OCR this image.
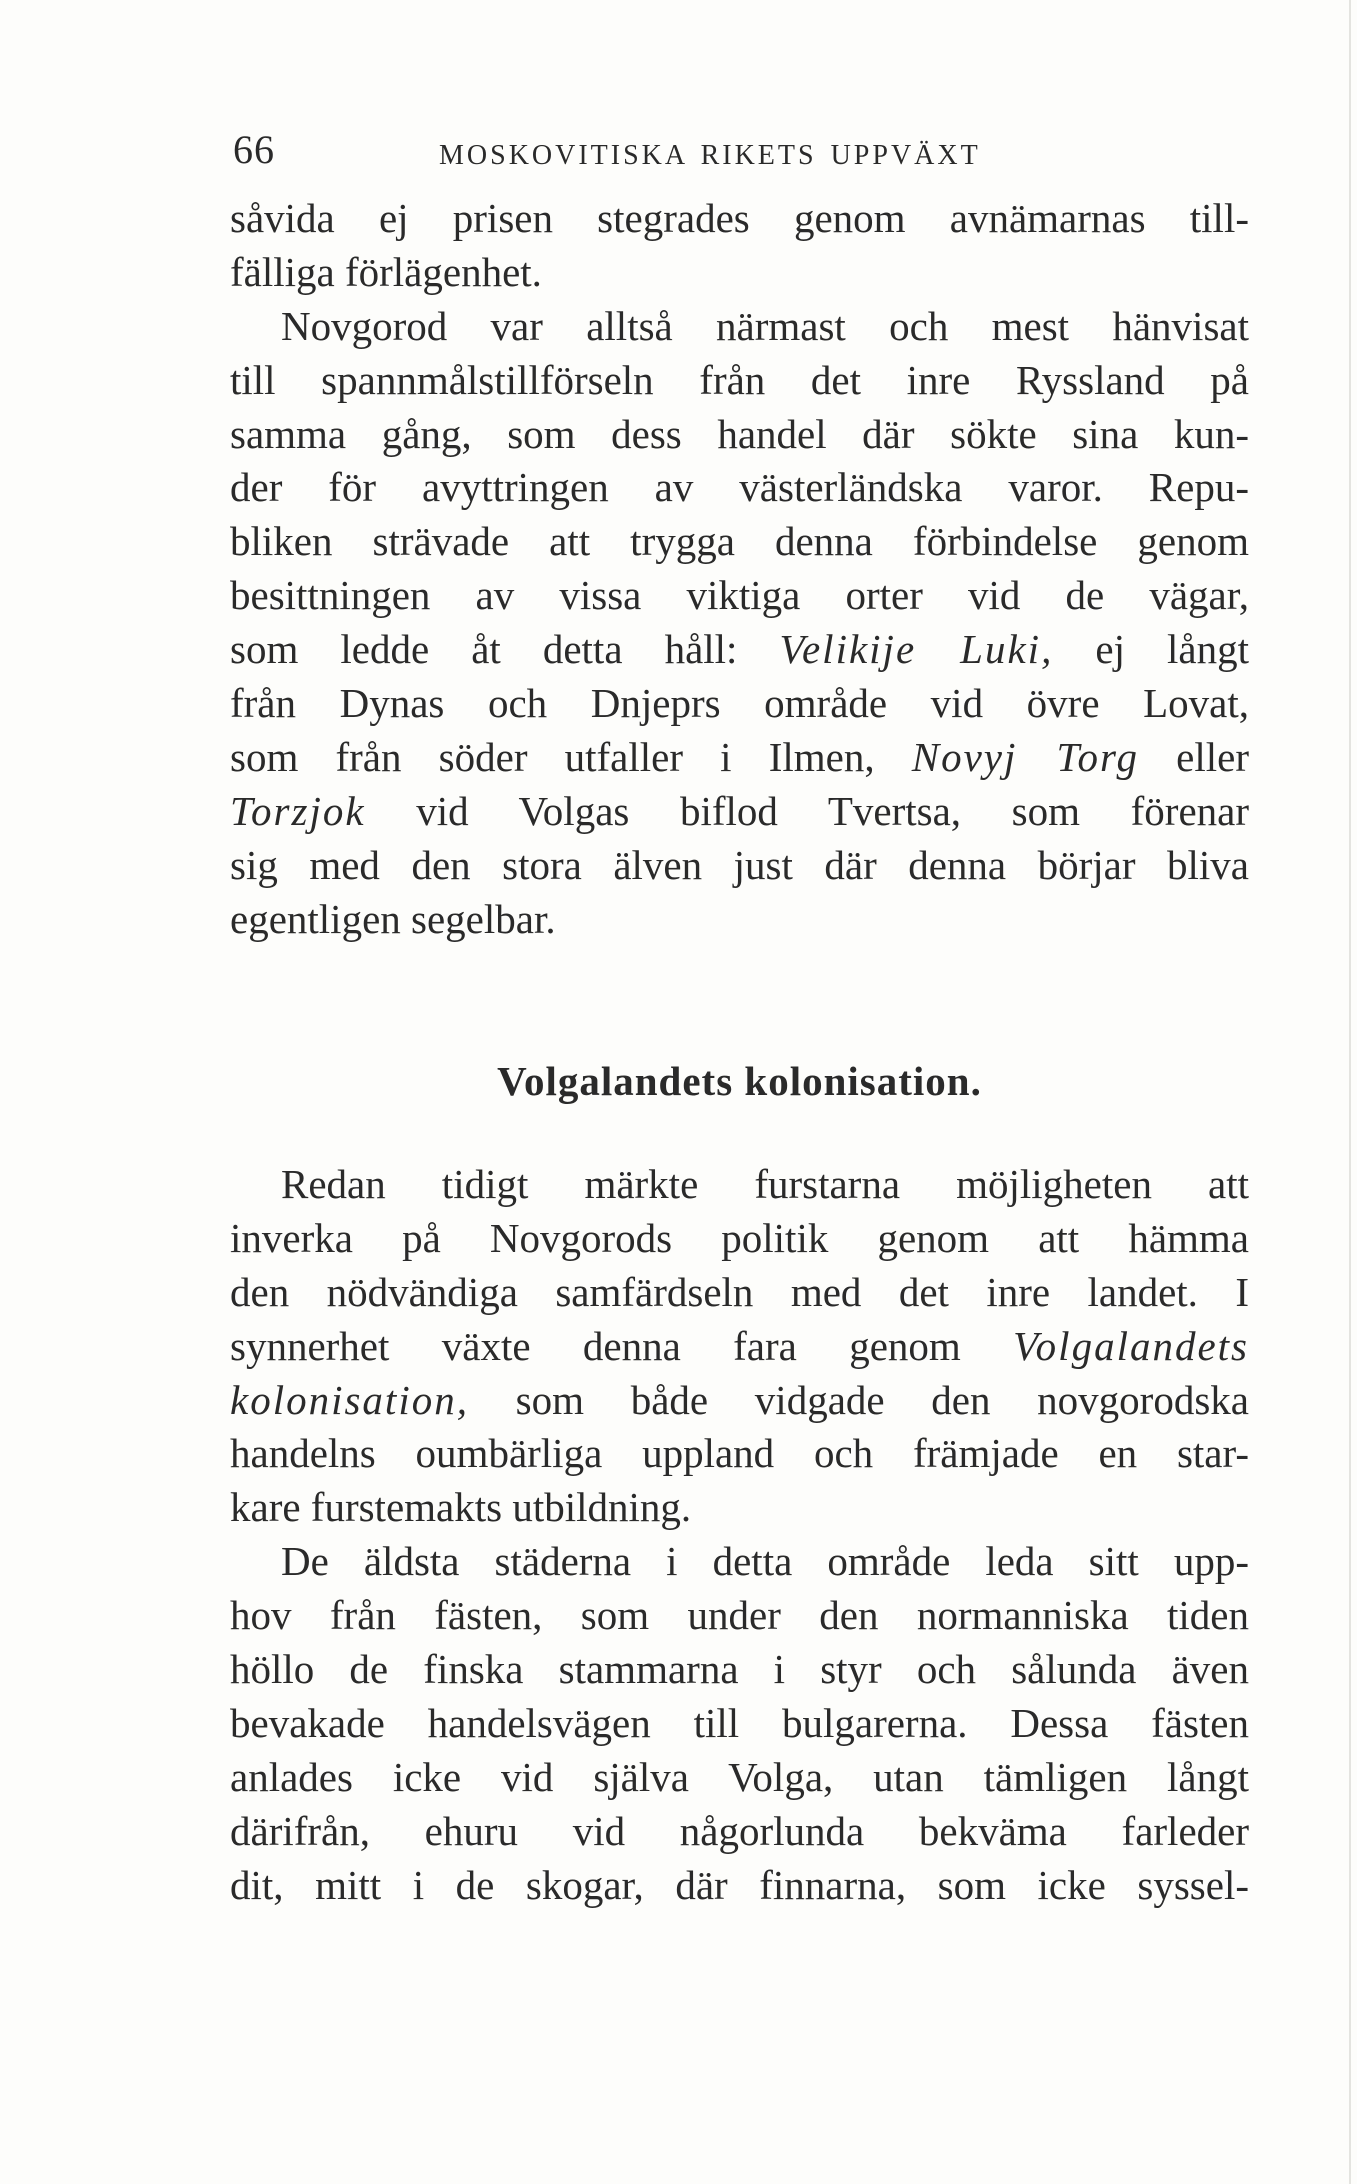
66	MOSKOVITISKA RIKETS UPPVÄXT
såvida ej prisen stegrades genom avnämarnas till-
fälliga förlägenhet.
Novgorod var alltså närmast och mest hänvisat
till spannmålstillförseln från det inre Ryssland på
samma gång, som dess handel där sökte sina kun-
der för avyttringen av västerländska varor. Repu-
bliken strävade att trygga denna förbindelse genom
besittningen av vissa viktiga orter vid de vägar,
som ledde åt detta håll: Velikije Luki, ej långt
från Dynas och Dnjeprs område vid övre Lovat,
som från söder utfaller i Ilmen, Novyj Torg eller
Torzjok vid Volgas biflod Tvertsa, som förenar
sig med den stora älven just där denna börjar bliva
egentligen segelbar.
Volgalandets kolonisation.
Redan tidigt märkte furstarna möjligheten att
inverka på Novgorods politik genom att hämma
den nödvändiga samfärdseln med det inre landet. I
synnerhet växte denna fara genom Volgalandets
kolonisation, som både vidgade den novgorodska
handelns oumbärliga uppland och främjade en star-
kare furstemakts utbildning.
De äldsta städerna i detta område leda sitt upp-
hov från fästen, som under den normanniska tiden
höllo de finska stammarna i styr och sålunda även
bevakade handelsvägen till bulgarerna. Dessa fästen
anlades icke vid själva Volga, utan tämligen långt
därifrån, ehuru vid någorlunda bekväma farleder
dit, mitt i de skogar, där finnarna, som icke syssel-
